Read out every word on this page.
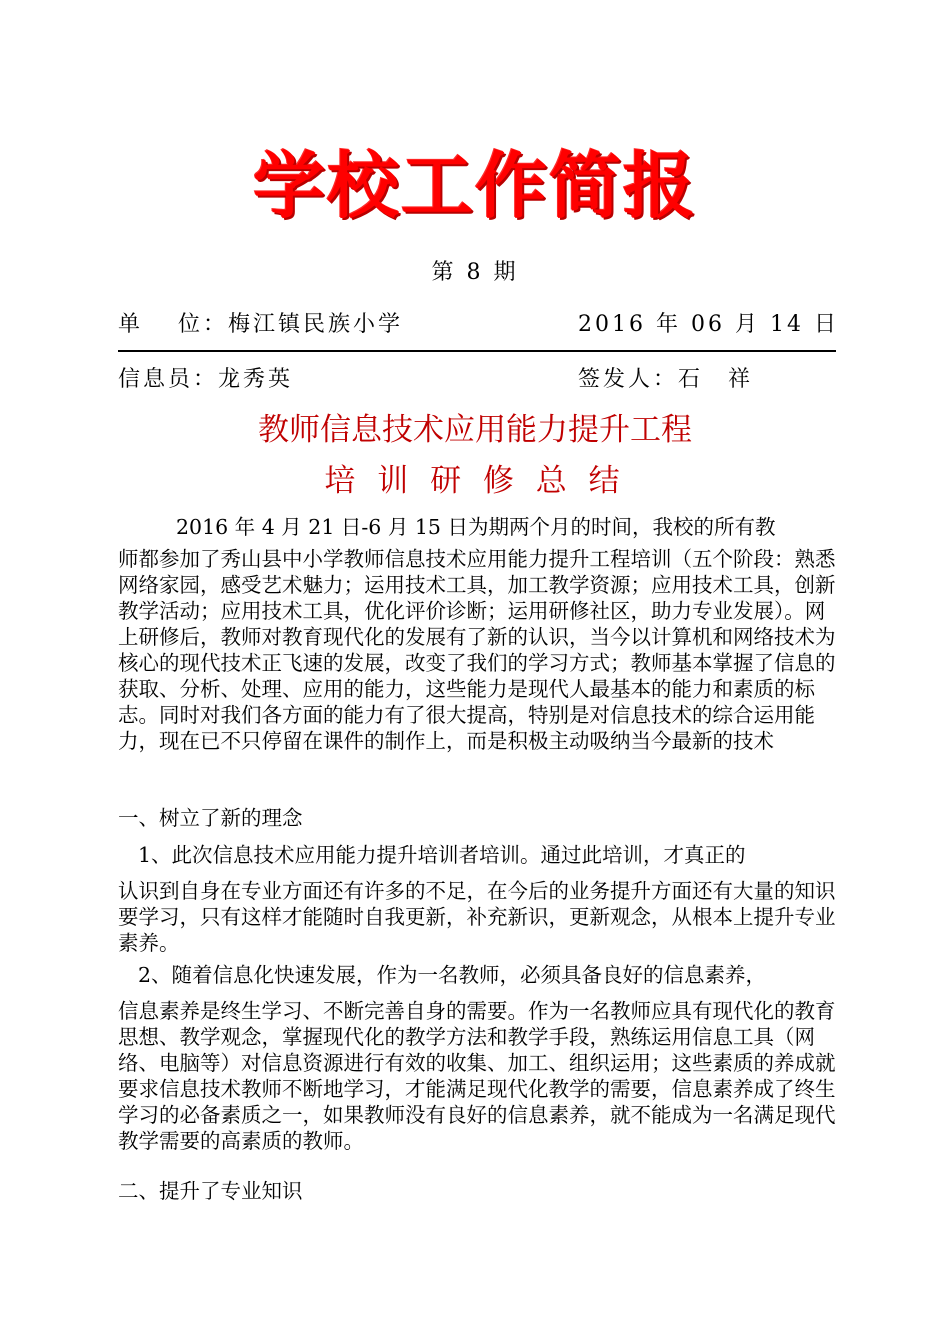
学校工作简报
第 8 期
单　 位：梅江镇民族小学	2016 年 06 月 14 日
信息员：龙秀英	签发人：石　祥
教师信息技术应用能力提升工程
培 训 研 修 总 结

2016 年 4 月 21 日-6 月 15 日为期两个月的时间，我校的所有教

师都参加了秀山县中小学教师信息技术应用能力提升工程培训（五个阶段：熟悉网络家园，感受艺术魅力；运用技术工具，加工教学资源；应用技术工具，创新教学活动；应用技术工具，优化评价诊断；运用研修社区，助力专业发展）。网上研修后，教师对教育现代化的发展有了新的认识，当今以计算机和网络技术为核心的现代技术正飞速的发展，改变了我们的学习方式；教师基本掌握了信息的获取、分析、处理、应用的能力，这些能力是现代人最基本的能力和素质的标志。同时对我们各方面的能力有了很大提高，特别是对信息技术的综合运用能力，现在已不只停留在课件的制作上，而是积极主动吸纳当今最新的技术

一、树立了新的理念

1、此次信息技术应用能力提升培训者培训。通过此培训，才真正的

认识到自身在专业方面还有许多的不足，在今后的业务提升方面还有大量的知识要学习，只有这样才能随时自我更新，补充新识，更新观念，从根本上提升专业素养。

2、随着信息化快速发展，作为一名教师，必须具备良好的信息素养，

信息素养是终生学习、不断完善自身的需要。作为一名教师应具有现代化的教育思想、教学观念，掌握现代化的教学方法和教学手段，熟练运用信息工具（网络、电脑等）对信息资源进行有效的收集、加工、组织运用；这些素质的养成就要求信息技术教师不断地学习，才能满足现代化教学的需要，信息素养成了终生学习的必备素质之一，如果教师没有良好的信息素养，就不能成为一名满足现代教学需要的高素质的教师。

二、提升了专业知识
